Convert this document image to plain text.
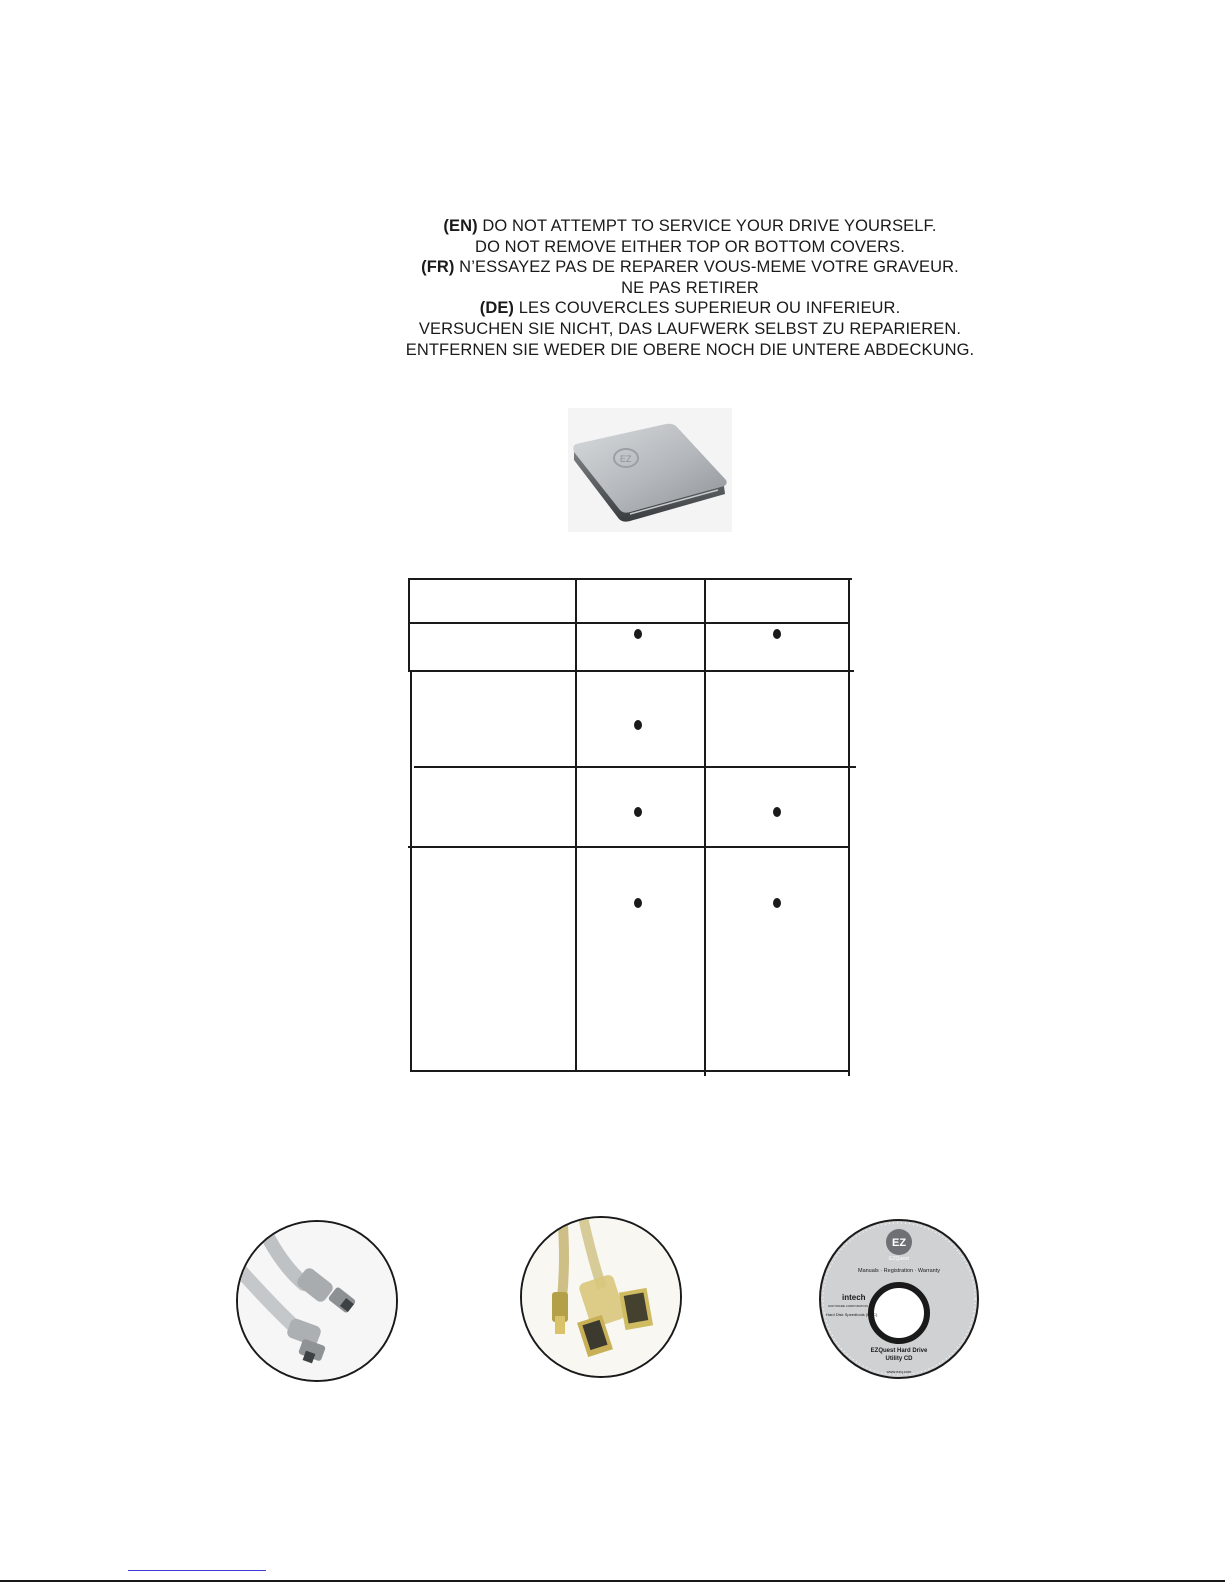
(EN) DO NOT ATTEMPT TO SERVICE YOUR DRIVE YOURSELF.
DO NOT REMOVE EITHER TOP OR BOTTOM COVERS.
(FR) N’ESSAYEZ PAS DE REPARER VOUS-MEME VOTRE GRAVEUR.
NE PAS RETIRER
(DE) LES COUVERCLES SUPERIEUR OU INFERIEUR.
VERSUCHEN SIE NICHT, DAS LAUFWERK SELBST ZU REPARIEREN.
ENTFERNEN SIE WEDER DIE OBERE NOCH DIE UNTERE ABDECKUNG.
EZ
EZ
EZQuest
Manuals · Registration · Warranty
intech
SOFTWARE CORPORATION
Hard Disk Speedtools (MAC)
EZQuest Hard Drive
Utility CD
www.ezq.com
